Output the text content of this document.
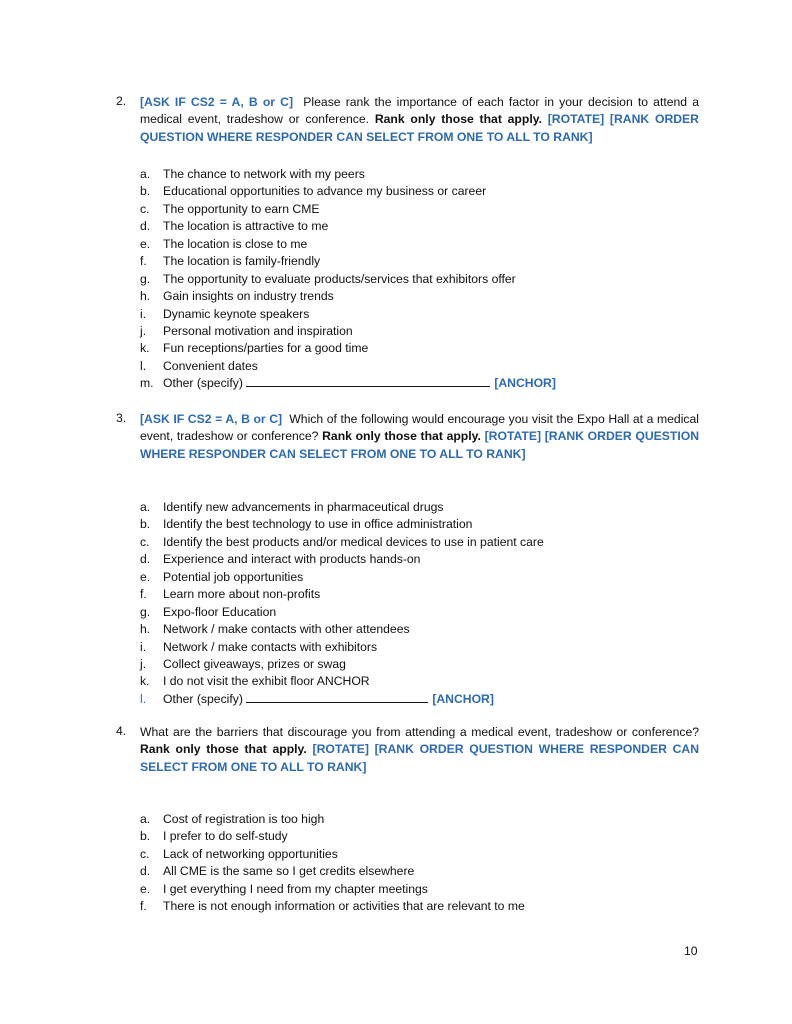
2. [ASK IF CS2 = A, B or C] Please rank the importance of each factor in your decision to attend a medical event, tradeshow or conference. Rank only those that apply. [ROTATE] [RANK ORDER QUESTION WHERE RESPONDER CAN SELECT FROM ONE TO ALL TO RANK]
a. The chance to network with my peers
b. Educational opportunities to advance my business or career
c. The opportunity to earn CME
d. The location is attractive to me
e. The location is close to me
f. The location is family-friendly
g. The opportunity to evaluate products/services that exhibitors offer
h. Gain insights on industry trends
i. Dynamic keynote speakers
j. Personal motivation and inspiration
k. Fun receptions/parties for a good time
l. Convenient dates
m. Other (specify)	[ANCHOR]
3. [ASK IF CS2 = A, B or C] Which of the following would encourage you visit the Expo Hall at a medical event, tradeshow or conference? Rank only those that apply. [ROTATE] [RANK ORDER QUESTION WHERE RESPONDER CAN SELECT FROM ONE TO ALL TO RANK]
a. Identify new advancements in pharmaceutical drugs
b. Identify the best technology to use in office administration
c. Identify the best products and/or medical devices to use in patient care
d. Experience and interact with products hands-on
e. Potential job opportunities
f. Learn more about non-profits
g. Expo-floor Education
h. Network / make contacts with other attendees
i. Network / make contacts with exhibitors
j. Collect giveaways, prizes or swag
k. I do not visit the exhibit floor ANCHOR
l. Other (specify)	[ANCHOR]
4. What are the barriers that discourage you from attending a medical event, tradeshow or conference? Rank only those that apply. [ROTATE] [RANK ORDER QUESTION WHERE RESPONDER CAN SELECT FROM ONE TO ALL TO RANK]
a. Cost of registration is too high
b. I prefer to do self-study
c. Lack of networking opportunities
d. All CME is the same so I get credits elsewhere
e. I get everything I need from my chapter meetings
f. There is not enough information or activities that are relevant to me
10
